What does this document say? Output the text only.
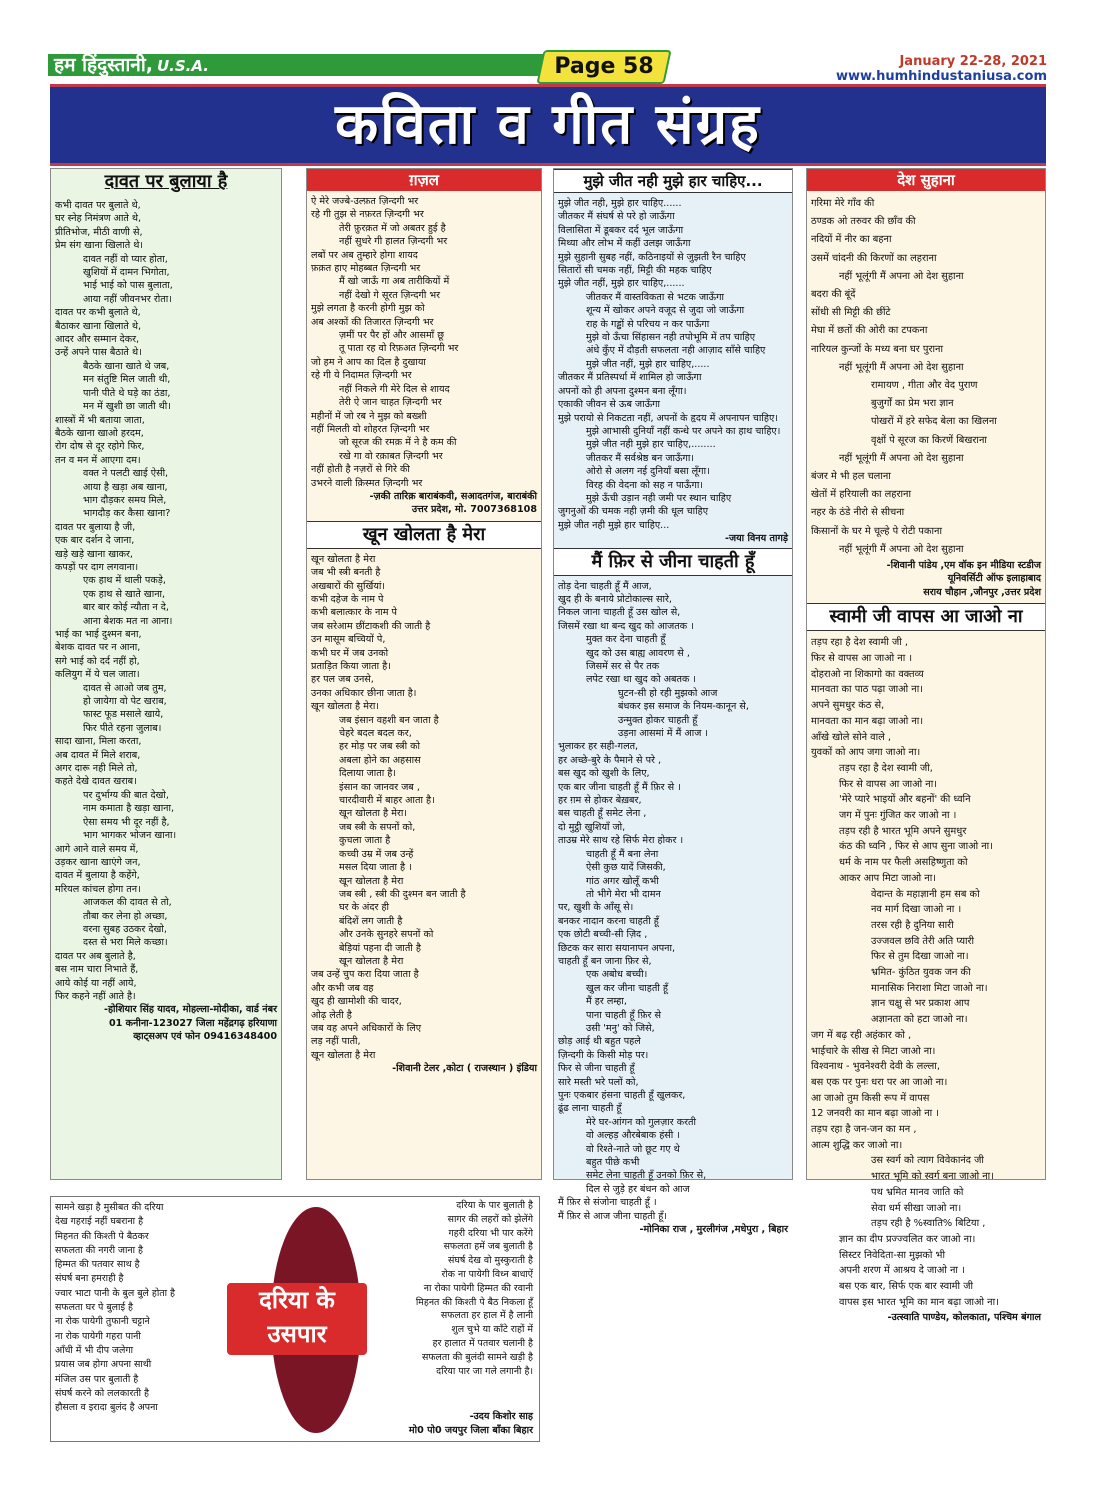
हम हिंदुस्तानी, U.S.A.	Page 58	January 22-28, 2021
www.humhindustaniusa.com
कविता व गीत संग्रह
दावत पर बुलाया है
कभी दावत पर बुलाते थे,
घर स्नेह निमंत्रण आते थे,
प्रीतिभोज, मीठी वाणी से,
प्रेम संग खाना खिलाते थे।
दावत नहीं वो प्यार होता,
खुशियों में दामन भिगोता,
भाई भाई को पास बुलाता,
आया नहीं जीवनभर रोता।
दावत पर कभी बुलाते थे,
बैठाकर खाना खिलाते थे,
आदर और सम्मान देकर,
उन्हें अपने पास बैठाते थे।
बैठके खाना खाते थे जब,
मन संतुष्टि मिल जाती थी,
पानी पीते थे घड़े का ठंडा,
मन में खुशी छा जाती थी।
शास्त्रों में भी बताया जाता,
बैठके खाना खाओ हरदम,
रोग दोष से दूर रहोगे फिर,
तन व मन में आएगा दम।
वक्त ने पलटी खाई ऐसी,
आया है खड़ा अब खाना,
भाग दौड़कर समय मिले,
भागदौड़ कर कैसा खाना?
दावत पर बुलाया है जी,
एक बार दर्शन दे जाना,
खड़े खड़े खाना खाकर,
कपड़ों पर दाग लगवाना।
एक हाथ में थाली पकड़े,
एक हाथ से खाते खाना,
बार बार कोई न्यौता न दे,
आना बेशक मत ना आना।
भाई का भाई दुश्मन बना,
बेशक दावत पर न आना,
सगे भाई को दर्द नहीं हो,
कलियुग में ये चल जाता।
दावत से आओ जब तुम,
हो जायेगा वो पेट खराब,
फास्ट फूड मसाले खाये,
फिर पीते रहना जुलाब।
सादा खाना, मिला करता,
अब दावत में मिले शराब,
अगर दारू नही मिले तो,
कहते देखे दावत खराब।
पर दुर्भाग्य की बात देखो,
नाम कमाता है खड़ा खाना,
ऐसा समय भी दूर नहीं है,
भाग भागकर भोजन खाना।
आगे आने वाले समय में,
उड़कर खाना खाएंगे जन,
दावत में बुलाया है कहेंगे,
मरियल कांचल होगा तन।
आजकल की दावत से तो,
तौबा कर लेना हो अच्छा,
वरना सुबह उठकर देखो,
दस्त से भरा मिले कच्छा।
दावत पर अब बुलाते है,
बस नाम चारा निभाते हैं,
आये कोई या नहीं आये,
फिर कहने नहीं आते है।
-होशियार सिंह यादव, मोहल्ला-मोदीका, वार्ड नंबर
01 कनीना-123027 जिला महेंद्रगढ़ हरियाणा
व्हाट्सअप एवं फोन 09416348400
ग़ज़ल
ऐ मेरे जज्बे-उल्फ़त ज़िन्दगी भर
रहे गी तुझ से नफ़रत ज़िन्दगी भर
तेरी फ़ुरक़त में जो अबतर हुई है
नहीं सुधरे गी हालत ज़िन्दगी भर
लबों पर अब तुम्हारे होगा शायद
फ़क़त हाए मोहब्बत ज़िन्दगी भर
मैं खो जाऊँ गा अब तारीकियों में
नहीं देखो गे सूरत ज़िन्दगी भर
मुझे लगता है करनी होगी मुझ को
अब अश्कों की तिजारत ज़िन्दगी भर
ज़मीं पर पैर हों और आसमाँ छू
तू पाता रह वो रिफ़अत ज़िन्दगी भर
जो हम ने आप का दिल है दुखाया
रहे गी ये निदामत ज़िन्दगी भर
नहीं निकले गी मेरे दिल से शायद
तेरी ऐ जान चाहत ज़िन्दगी भर
महीनों में जो रब ने मुझ को बख्शी
नहीं मिलती वो शोहरत ज़िन्दगी भर
जो सूरज की रमक़ में ने है कम की
रखे गा वो रक़ाबत ज़िन्दगी भर
नहीं होती है नज़रों से गिरे की
उभरने वाली क़िस्मत ज़िन्दगी भर
-ज़की तारिक़ बाराबंकवी, सआदतगंज, बाराबंकी
उत्तर प्रदेश, मो. 7007368108
खून खोलता है मेरा
खून खोलता है मेरा
जब भी स्त्री बनती है
अखबारों की सुर्खियां।
कभी दहेज के नाम पे
कभी बलात्कार के नाम पे
जब सरेआम छींटाकशी की जाती है
उन मासूम बच्चियों पे,
कभी घर में जब उनको
प्रताड़ित किया जाता है।
हर पल जब उनसे,
उनका अधिकार छीना जाता है।
खून खोलता है मेरा।
जब इंसान वहशी बन जाता है
चेहरे बदल बदल कर,
हर मोड़ पर जब स्त्री को
अबला होने का अहसास
दिलाया जाता है।
इंसान का जानवर जब ,
चारदीवारी में बाहर आता है।
खून खोलता है मेरा।
जब स्त्री के सपनों को,
कुचला जाता है
कच्ची उम्र में जब उन्हें
मसल दिया जाता है ।
खून खोलता है मेरा
जब स्त्री , स्त्री की दुश्मन बन जाती है
घर के अंदर ही
बंदिशें लग जाती है
और उनके सुनहरे सपनों को
बेड़ियां पहना दी जाती है
खून खोलता है मेरा
जब उन्हें चुप करा दिया जाता है
और कभी जब वह
खुद ही खामोशी की चादर,
ओढ़ लेती है
जब वह अपने अधिकारों के लिए
लड़ नहीं पाती,
खून खोलता है मेरा
-शिवानी टेलर ,कोटा ( राजस्थान ) इंडिया
मुझे जीत नही मुझे हार चाहिए...
मुझे जीत नही, मुझे हार चाहिए......
जीतकर मैं संघर्ष से परे हो जाऊँगा
विलासिता में डूबकर दर्द भूल जाऊँगा
मिथ्या और लोभ में कहीं उलझ जाऊँगा
मुझे सुहानी सुबह नहीं, कठिनाइयों से जुझती रैन चाहिए
सितारों सी चमक नहीं, मिट्टी की महक चाहिए
मुझे जीत नहीं, मुझे हार चाहिए,......
जीतकर मैं वास्तविकता से भटक जाऊँगा
शून्य में खोकर अपने वजूद से जुदा जो जाऊँगा
राह के गड्ढों से परिचय न कर पाऊँगा
मुझे वो ऊँचा सिंहासन नही तपोभूमि में तप चाहिए
अंधे कुँए में दौड़ती सफलता नही आज़ाद साँसे चाहिए
मुझे जीत नहीं, मुझे हार चाहिए,.....
जीतकर मैं प्रतिस्पर्धा में शामिल हो जाऊँगा
अपनों को ही अपना दुश्मन बना लूँगा।
एकाकी जीवन से ऊब जाऊँगा
मुझे परायो से निकटता नहीं, अपनों के हृदय में अपनापन चाहिए।
मुझे आभासी दुनियाँ नहीं कन्धे पर अपने का हाथ चाहिए।
मुझे जीत नही मुझे हार चाहिए,........
जीतकर मैं सर्वश्रेष्ठ बन जाऊँगा।
ओरो से अलग नई दुनियाँ बसा लूँगा।
विरह की वेदना को सह न पाऊँगा।
मुझे ऊँची उड़ान नही जमी पर स्थान चाहिए
जुगनुओं की चमक नही ज़मी की धूल चाहिए
मुझे जीत नही मुझे हार चाहिए...
-जया विनय तागड़े
मैं फ़िर से जीना चाहती हूँ
तोड़ देना चाहती हूँ मैं आज,
खुद ही के बनाये प्रोटोकाल्स सारे,
निकल जाना चाहती हूँ उस खोल से,
जिसमें रखा था बन्द खुद को आजतक ।
मुक्त कर देना चाहती हूँ
खुद को उस बाह्य आवरण से ,
जिसमें सर से पैर तक
लपेट रखा था खुद को अबतक ।
घुटन-सी हो रही मुझको आज
बंधकर इस समाज के नियम-कानून से,
उन्मुक्त होकर चाहती हूँ
उड़ना आसमां में मैं आज ।
भुलाकर हर सही-गलत,
हर अच्छे-बुरे के पैमाने से परे ,
बस खुद को खुशी के लिए,
एक बार जीना चाहती हूँ मैं फ़िर से ।
हर ग़म से होकर बेख़बर,
बस चाहती हूँ समेट लेना ,
दो मुट्ठी खुशियाँ जो,
ताउम्र मेरे साथ रहे सिर्फ मेरा होकर ।
चाहती हूँ मैं बना लेना
ऐसी कुछ यादें जिसकी,
गांठ अगर खोलूँ कभी
तो भीगे मेरा भी दामन
पर, खुशी के आँसू से।
बनकर नादान करना चाहती हूँ
एक छोटी बच्ची-सी ज़िद ,
छिटक कर सारा सयानापन अपना,
चाहती हूँ बन जाना फ़िर से,
एक अबोध बच्ची।
खुल कर जीना चाहती हूँ
मैं हर लम्हा,
पाना चाहती हूँ फ़िर से
उसी 'मनु' को जिसे,
छोड़ आई थी बहुत पहले
ज़िन्दगी के किसी मोड़ पर।
फिर से जीना चाहती हूँ
सारे मस्ती भरे पलों को,
पुनः एकबार हंसना चाहती हूँ खुलकर,
ढूंढ लाना चाहती हूँ
मेरे घर-आंगन को गुलज़ार करती
वो अल्हड़ औरबेबाक हंसी ।
वो रिश्ते-नाते जो छूट गए थे
बहुत पीछे कभी
समेट लेना चाहती हूँ उनको फ़िर से,
दिल से जुड़े हर बंधन को आज
मैं फ़िर से संजोना चाहती हूँ ।
मैं फ़िर से आज जीना चाहती हूँ।
-मोनिका राज , मुरलीगंज ,मधेपुरा , बिहार
देश सुहाना
गरिमा मेरे गाँव की
ठण्डक ओ तरुवर की छाँव की
नदियों में नीर का बहना
उसमें चांदनी की किरणों का लहराना
नहीं भूलूंगी मैं अपना ओ देश सुहाना
बदरा की बूंदें
सोंधी सी मिट्टी की छींटे
मेघा में छतों की ओरी का टपकना
नारियल कुन्जों के मध्य बना घर पुराना
नहीं भूलूंगी मैं अपना ओ देश सुहाना
रामायण , गीता और वेद पुराण
बुजुर्गों का प्रेम भरा ज्ञान
पोखरों में हरे सफेद बेला का खिलना
वृक्षों पे सूरज का किरणें बिखराना
नहीं भूलूंगी मैं अपना ओ देश सुहाना
बंजर मे भी हल चलाना
खेतों में हरियाली का लहराना
नहर के ठंडे नीरो से सीचना
किसानों के घर मे चूल्हे पे रोटी पकाना
नहीं भूलूंगी मैं अपना ओ देश सुहाना
-शिवानी पांडेय ,एम वॉक इन मीडिया स्टडीज
यूनिवर्सिटी ऑफ इलाहाबाद
सराय चौहान ,जौनपुर ,उत्तर प्रदेश
स्वामी जी वापस आ जाओ ना
तड़प रहा है देश स्वामी जी ,
फिर से वापस आ जाओ ना ।
दोहराओ ना शिकागो का वक्तव्य
मानवता का पाठ पढ़ा जाओ ना।
अपने सुमधुर कंठ से,
मानवता का मान बढ़ा जाओ ना।
आँखे खोले सोने वाले ,
युवकों को आप जगा जाओ ना।
तड़प रहा है देश स्वामी जी,
फिर से वापस आ जाओ ना।
'मेरे प्यारे भाइयों और बहनों' की ध्वनि
जग में पुनः गुंजित कर जाओ ना ।
तड़प रही है भारत भूमि अपने सुमधुर
कंठ की ध्वनि , फिर से आप सुना जाओ ना।
धर्म के नाम पर फैली असहिष्णुता को
आकर आप मिटा जाओ ना।
वेदान्त के महाज्ञानी हम सब को
नव मार्ग दिखा जाओ ना ।
तरस रही है दुनिया सारी
उज्जवल छवि तेरी अति प्यारी
फिर से तुम दिखा जाओ ना।
भ्रमित- कुंठित युवक जन की
मानासिक निराशा मिटा जाओ ना।
ज्ञान चक्षु से भर प्रकाश आप
अज्ञानता को हटा जाओ ना।
जग में बढ़ रही अहंकार को ,
भाईचारे के सीख से मिटा जाओ ना।
विश्वनाथ - भुवनेश्वरी देवी के लल्ला,
बस एक पर पुनः धरा पर आ जाओ ना।
आ जाओ तुम किसी रूप में वापस
12 जनवरी का मान बढ़ा जाओ ना ।
तड़प रहा है जन-जन का मन ,
आत्म शुद्धि कर जाओ ना।
उस स्वर्ग को त्याग विवेकानंद जी
भारत भूमि को स्वर्ग बना जाओ ना।
पथ भ्रमित मानव जाति को
सेवा धर्म सीखा जाओ ना।
तड़प रही है %स्वाति% बिटिया ,
ज्ञान का दीप प्रज्ज्वलित कर जाओ ना।
सिस्टर निवेदिता-सा मुझको भी
अपनी शरण में आश्रय दे जाओ ना ।
बस एक बार, सिर्फ एक बार स्वामी जी
वापस इस भारत भूमि का मान बढ़ा जाओ ना।
-उत्स्वाति पाण्डेय, कोलकाता, पश्चिम बंगाल
सामने खड़ा है मुसीबत की दरिया
देख गहराई नहीं घबराना है
मिहनत की किश्ती पे बैठकर
सफलता की नगरी जाना है
हिम्मत की पतवार साथ है
संघर्ष बना हमराही है
ज्वार भाटा पानी के बुल बुले होता है
सफलता घर पे बुलाई है
ना रोक पायेगी तुफानी चट्टाने
ना रोक पायेगी गहरा पानी
आँधी में भी दीप जलेगा
प्रयास जब होगा अपना साथी
मंजिल उस पार बुलाती है
संघर्ष करने को ललकारती है
हौसला व इरादा बुलंद है अपना
दरिया के
उसपार
दरिया के पार बुलाती है
सागर की लहरों को झेलेंगे
गहरी दरिया भी पार करेंगे
सफलता हमें जब बुलाती है
संघर्ष देख वो मुस्कुराती है
रोक ना पायेगी विध्न बाधाऐं
ना रोका पायेगी हिम्मत की रवानी
मिहनत की किश्ती पे बैठ निकला हूँ
सफलता हर हाल में है लानी
शुल चुभे या काँटे राहों में
हर हालात में पतवार चलानी है
सफलता की बुलंदी सामने खड़ी है
दरिया पार जा गले लगानी है।
-उदय किशोर साह
मो0 पो0 जयपुर जिला बाँका बिहार
